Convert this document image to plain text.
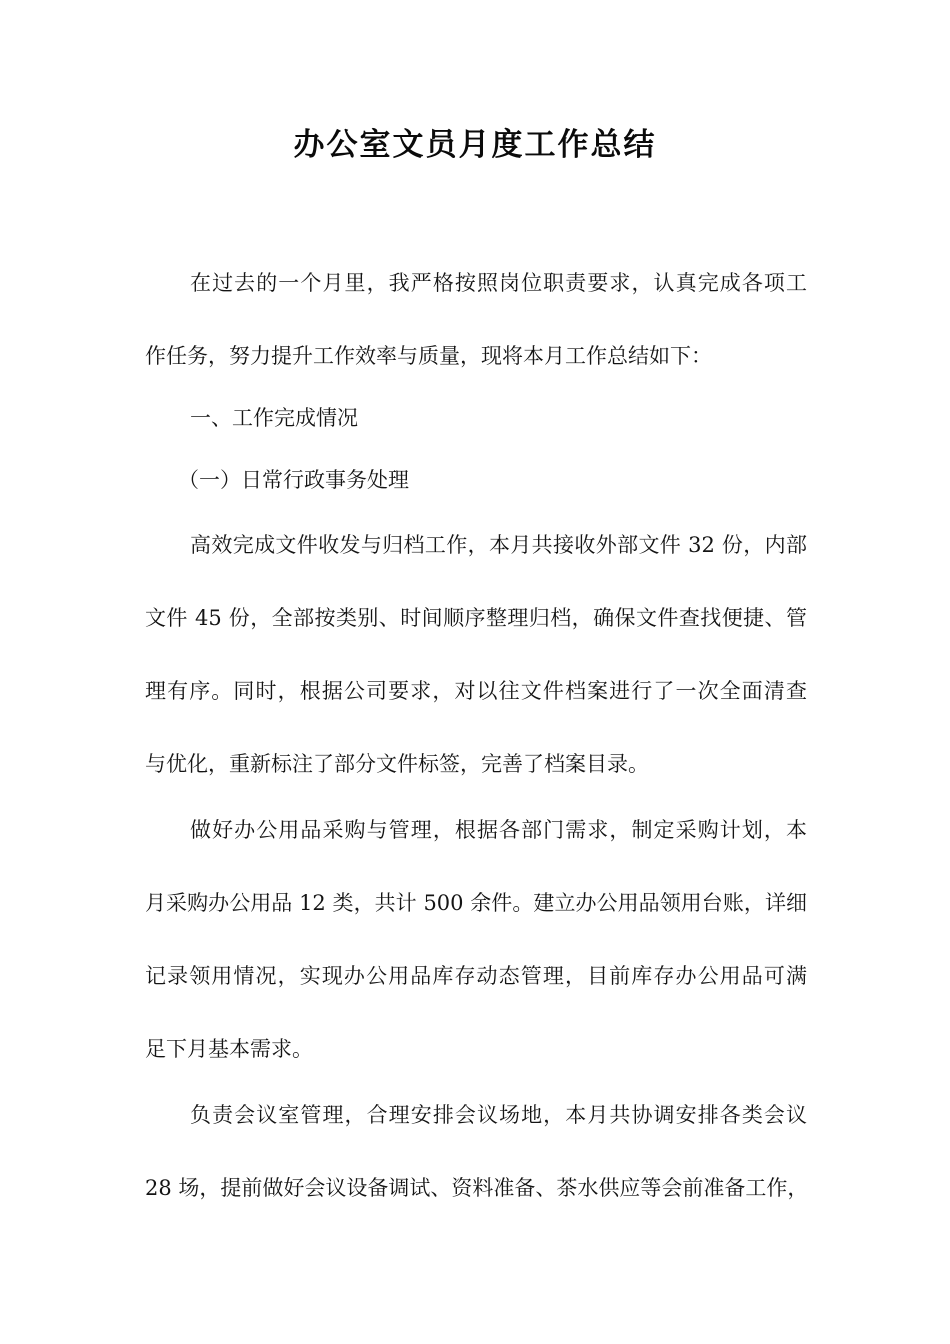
办公室文员月度工作总结
在过去的一个月里，我严格按照岗位职责要求，认真完成各项工
作任务，努力提升工作效率与质量，现将本月工作总结如下：
一、工作完成情况
（一）日常行政事务处理
高效完成文件收发与归档工作，本月共接收外部文件 32 份，内部
文件 45 份，全部按类别、时间顺序整理归档，确保文件查找便捷、管
理有序。同时，根据公司要求，对以往文件档案进行了一次全面清查
与优化，重新标注了部分文件标签，完善了档案目录。
做好办公用品采购与管理，根据各部门需求，制定采购计划，本
月采购办公用品 12 类，共计 500 余件。建立办公用品领用台账，详细
记录领用情况，实现办公用品库存动态管理，目前库存办公用品可满
足下月基本需求。
负责会议室管理，合理安排会议场地，本月共协调安排各类会议
28 场，提前做好会议设备调试、资料准备、茶水供应等会前准备工作，
